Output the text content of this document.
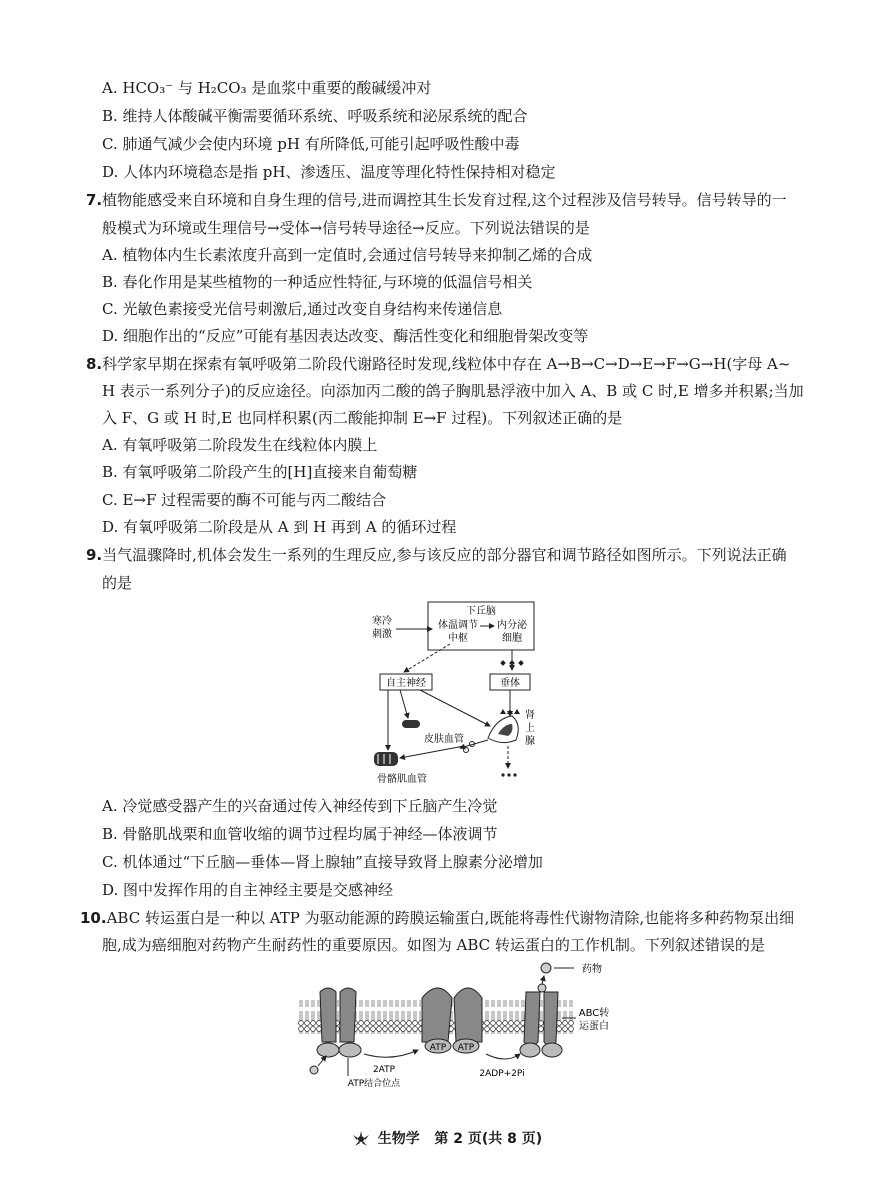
A. HCO₃⁻ 与 H₂CO₃ 是血浆中重要的酸碱缓冲对
B. 维持人体酸碱平衡需要循环系统、呼吸系统和泌尿系统的配合
C. 肺通气减少会使内环境 pH 有所降低,可能引起呼吸性酸中毒
D. 人体内环境稳态是指 pH、渗透压、温度等理化特性保持相对稳定
7.植物能感受来自环境和自身生理的信号,进而调控其生长发育过程,这个过程涉及信号转导。信号转导的一
般模式为环境或生理信号→受体→信号转导途径→反应。下列说法错误的是
A. 植物体内生长素浓度升高到一定值时,会通过信号转导来抑制乙烯的合成
B. 春化作用是某些植物的一种适应性特征,与环境的低温信号相关
C. 光敏色素接受光信号刺激后,通过改变自身结构来传递信息
D. 细胞作出的“反应”可能有基因表达改变、酶活性变化和细胞骨架改变等
8.科学家早期在探索有氧呼吸第二阶段代谢路径时发现,线粒体中存在 A→B→C→D→E→F→G→H(字母 A~
H 表示一系列分子)的反应途径。向添加丙二酸的鸽子胸肌悬浮液中加入 A、B 或 C 时,E 增多并积累;当加
入 F、G 或 H 时,E 也同样积累(丙二酸能抑制 E→F 过程)。下列叙述正确的是
A. 有氧呼吸第二阶段发生在线粒体内膜上
B. 有氧呼吸第二阶段产生的[H]直接来自葡萄糖
C. E→F 过程需要的酶不可能与丙二酸结合
D. 有氧呼吸第二阶段是从 A 到 H 再到 A 的循环过程
9.当气温骤降时,机体会发生一系列的生理反应,参与该反应的部分器官和调节路径如图所示。下列说法正确
的是
下丘脑
寒冷
刺激
体温调节
中枢
内分泌
细胞
自主神经	垂体
皮肤血管
肾
上
腺
骨骼肌血管
A. 冷觉感受器产生的兴奋通过传入神经传到下丘脑产生冷觉
B. 骨骼肌战栗和血管收缩的调节过程均属于神经—体液调节
C. 机体通过“下丘脑—垂体—肾上腺轴”直接导致肾上腺素分泌增加
D. 图中发挥作用的自主神经主要是交感神经
10.ABC 转运蛋白是一种以 ATP 为驱动能源的跨膜运输蛋白,既能将毒性代谢物清除,也能将多种药物泵出细
胞,成为癌细胞对药物产生耐药性的重要原因。如图为 ABC 转运蛋白的工作机制。下列叙述错误的是
ATP ATP
药物
ABC转
运蛋白
2ATP	2ADP+2Pi
ATP结合位点
生物学 第 2 页(共 8 页)
